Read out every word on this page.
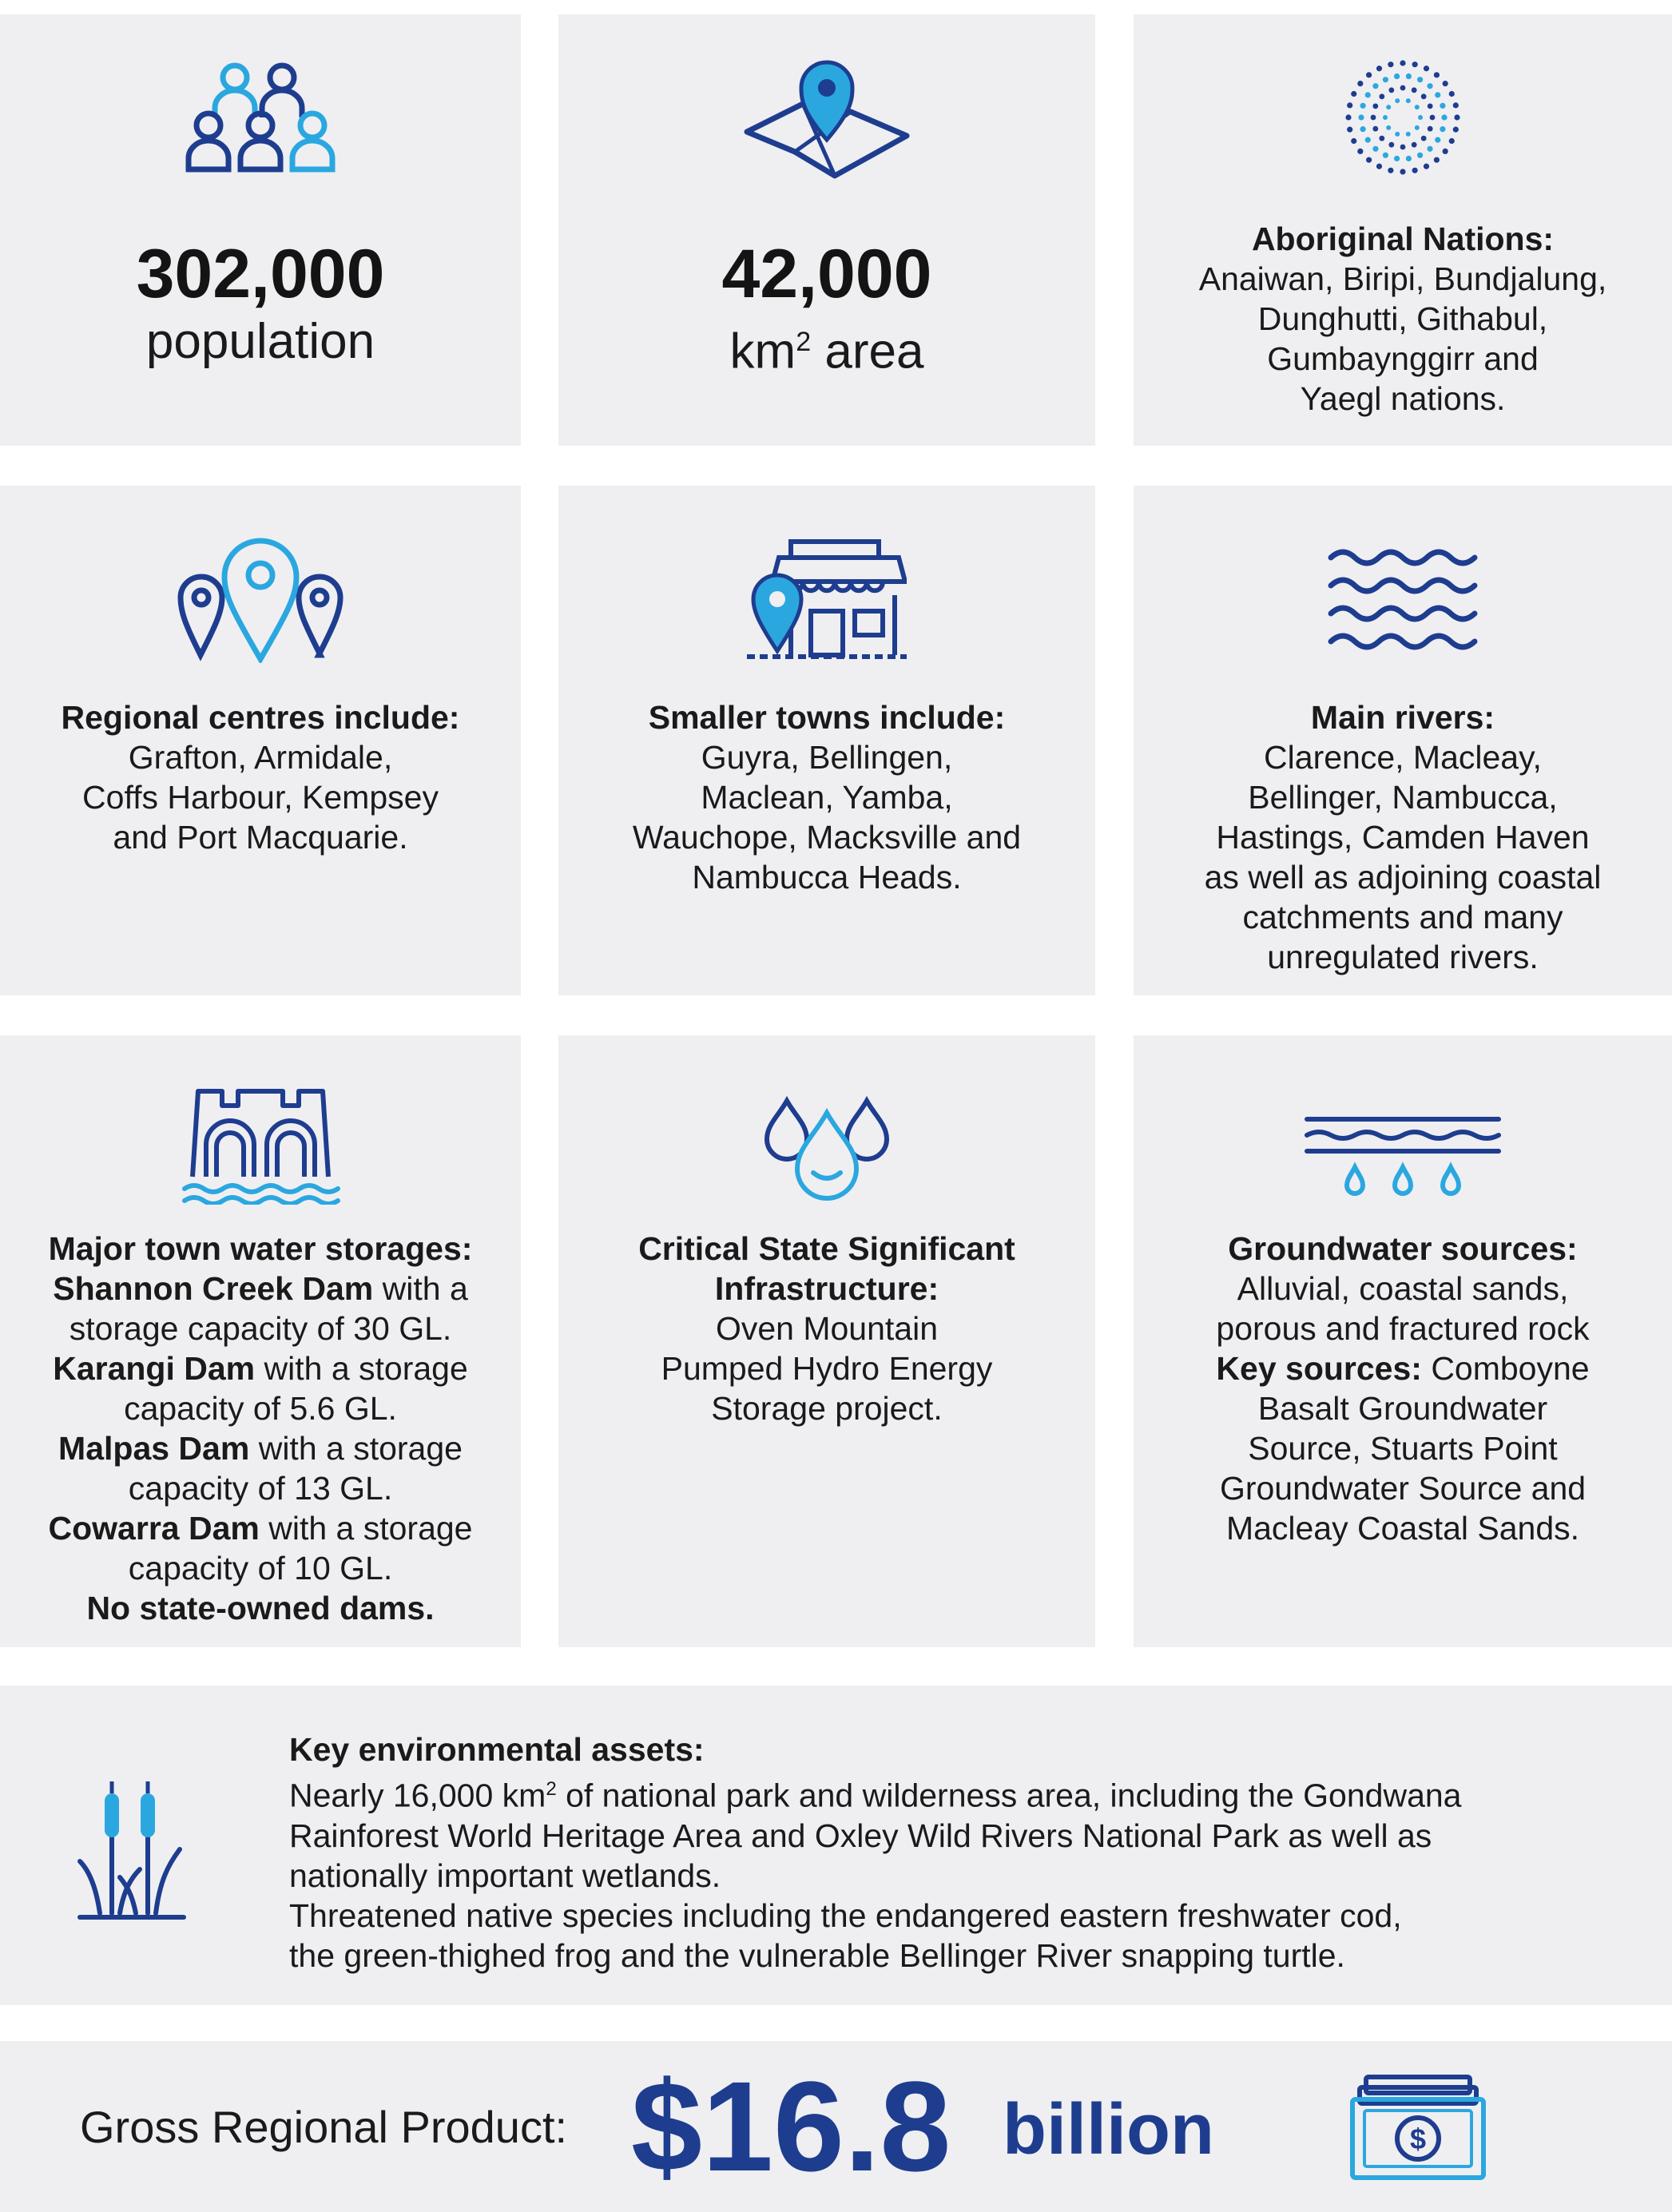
302,000
population
42,000
$km^2$ area
Aboriginal Nations:
Anaiwan, Biripi, Bundjalung,
Dunghutti, Githabul,
Gumbaynggirr and
Yaegl nations.
Regional centres include:
Grafton, Armidale,
Coffs Harbour, Kempsey
and Port Macquarie.
Smaller towns include:
Guyra, Bellingen,
Maclean, Yamba,
Wauchope, Macksville and
Nambucca Heads.
Main rivers:
Clarence, Macleay,
Bellinger, Nambucca,
Hastings, Camden Haven
as well as adjoining coastal
catchments and many
unregulated rivers.
Major town water storages:
Shannon Creek Dam with a
storage capacity of 30 GL.
Karangi Dam with a storage
capacity of 5.6 GL.
Malpas Dam with a storage
capacity of 13 GL.
Cowarra Dam with a storage
capacity of 10 GL.
No state-owned dams.
Critical State Significant
Infrastructure:
Oven Mountain
Pumped Hydro Energy
Storage project.
Groundwater sources:
Alluvial, coastal sands,
porous and fractured rock
Key sources: Comboyne
Basalt Groundwater
Source, Stuarts Point
Groundwater Source and
Macleay Coastal Sands.
Key environmental assets:
Nearly 16,000 $km^2$ of national park and wilderness area, including the Gondwana
Rainforest World Heritage Area and Oxley Wild Rivers National Park as well as
nationally important wetlands.
Threatened native species including the endangered eastern freshwater cod,
the green-thighed frog and the vulnerable Bellinger River snapping turtle.
Gross Regional Product: $16.8 billion	$
